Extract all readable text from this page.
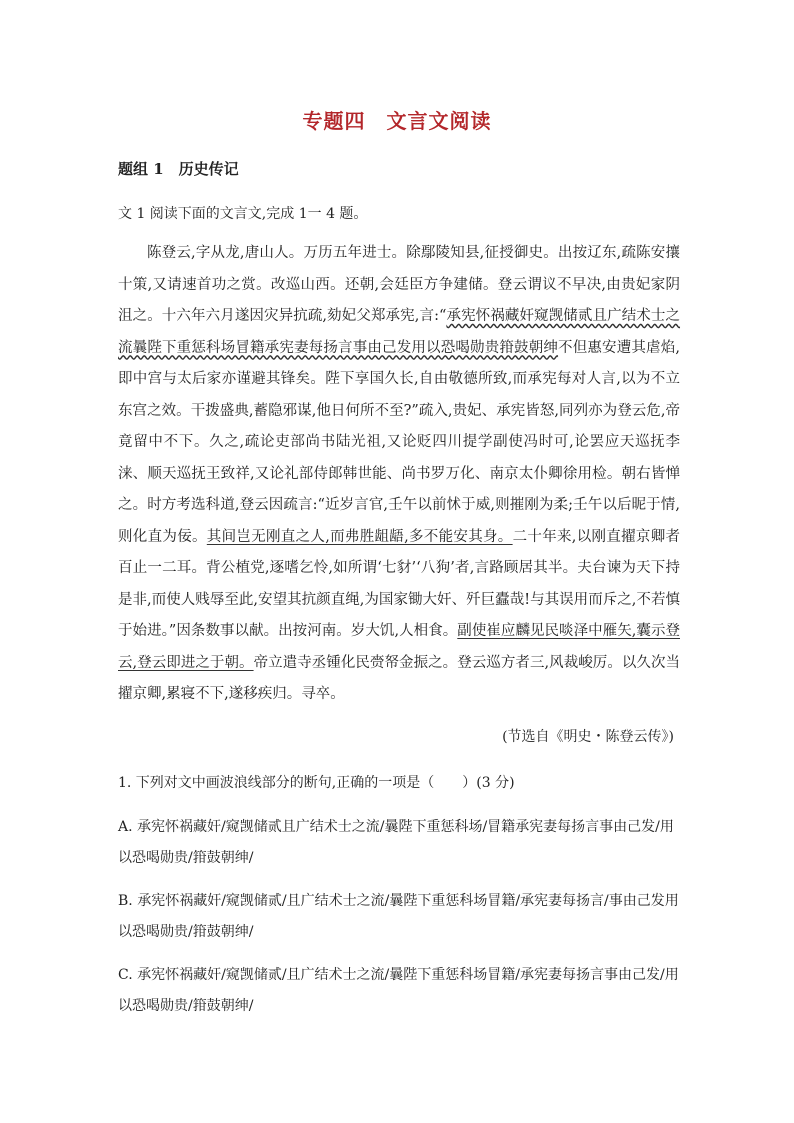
专题四　文言文阅读
题组 1　历史传记
文 1 阅读下面的文言文,完成 1一 4 题。

陈登云,字从龙,唐山人。万历五年进士。除鄢陵知县,征授御史。出按辽东,疏陈安攘十策,又请速首功之赏。改巡山西。还朝,会廷臣方争建储。登云谓议不早决,由贵妃家阴沮之。十六年六月遂因灾异抗疏,劾妃父郑承宪,言:“承宪怀祸藏奸窥觊储贰且广结术士之流曩陛下重惩科场冒籍承宪妻每扬言事由己发用以恐喝勋贵箝鼓朝绅不但惠安遭其虐焰,即中宫与太后家亦谨避其锋矣。陛下享国久长,自由敬德所致,而承宪每对人言,以为不立东宫之效。干拨盛典,蓄隐邪谋,他日何所不至?”疏入,贵妃、承宪皆怒,同列亦为登云危,帝竟留中不下。久之,疏论吏部尚书陆光祖,又论贬四川提学副使冯时可,论罢应天巡抚李涞、顺天巡抚王致祥,又论礼部侍郎韩世能、尚书罗万化、南京太仆卿徐用检。朝右皆惮之。时方考选科道,登云因疏言:“近岁言官,壬午以前怵于威,则摧刚为柔;壬午以后昵于情,则化直为佞。其间岂无刚直之人,而弗胜龃龉,多不能安其身。二十年来,以刚直擢京卿者百止一二耳。背公植党,逐嗜乞怜,如所谓‘七豺’‘八狗’者,言路顾居其半。夫台谏为天下持是非,而使人贱辱至此,安望其抗颜直绳,为国家锄大奸、歼巨蠹哉!与其误用而斥之,不若慎于始进。”因条数事以献。出按河南。岁大饥,人相食。副使崔应麟见民啖泽中雁矢,囊示登云,登云即进之于朝。帝立遣寺丞锺化民赍帑金振之。登云巡方者三,风裁峻厉。以久次当擢京卿,累寝不下,遂移疾归。寻卒。

(节选自《明史・陈登云传》)
1. 下列对文中画波浪线部分的断句,正确的一项是（　　）(3 分)
A. 承宪怀祸藏奸/窥觊储贰且广结术士之流/曩陛下重惩科场/冒籍承宪妻每扬言事由己发/用以恐喝勋贵/箝鼓朝绅/
B. 承宪怀祸藏奸/窥觊储贰/且广结术士之流/曩陛下重惩科场冒籍/承宪妻每扬言/事由己发用以恐喝勋贵/箝鼓朝绅/
C. 承宪怀祸藏奸/窥觊储贰/且广结术士之流/曩陛下重惩科场冒籍/承宪妻每扬言事由己发/用以恐喝勋贵/箝鼓朝绅/
